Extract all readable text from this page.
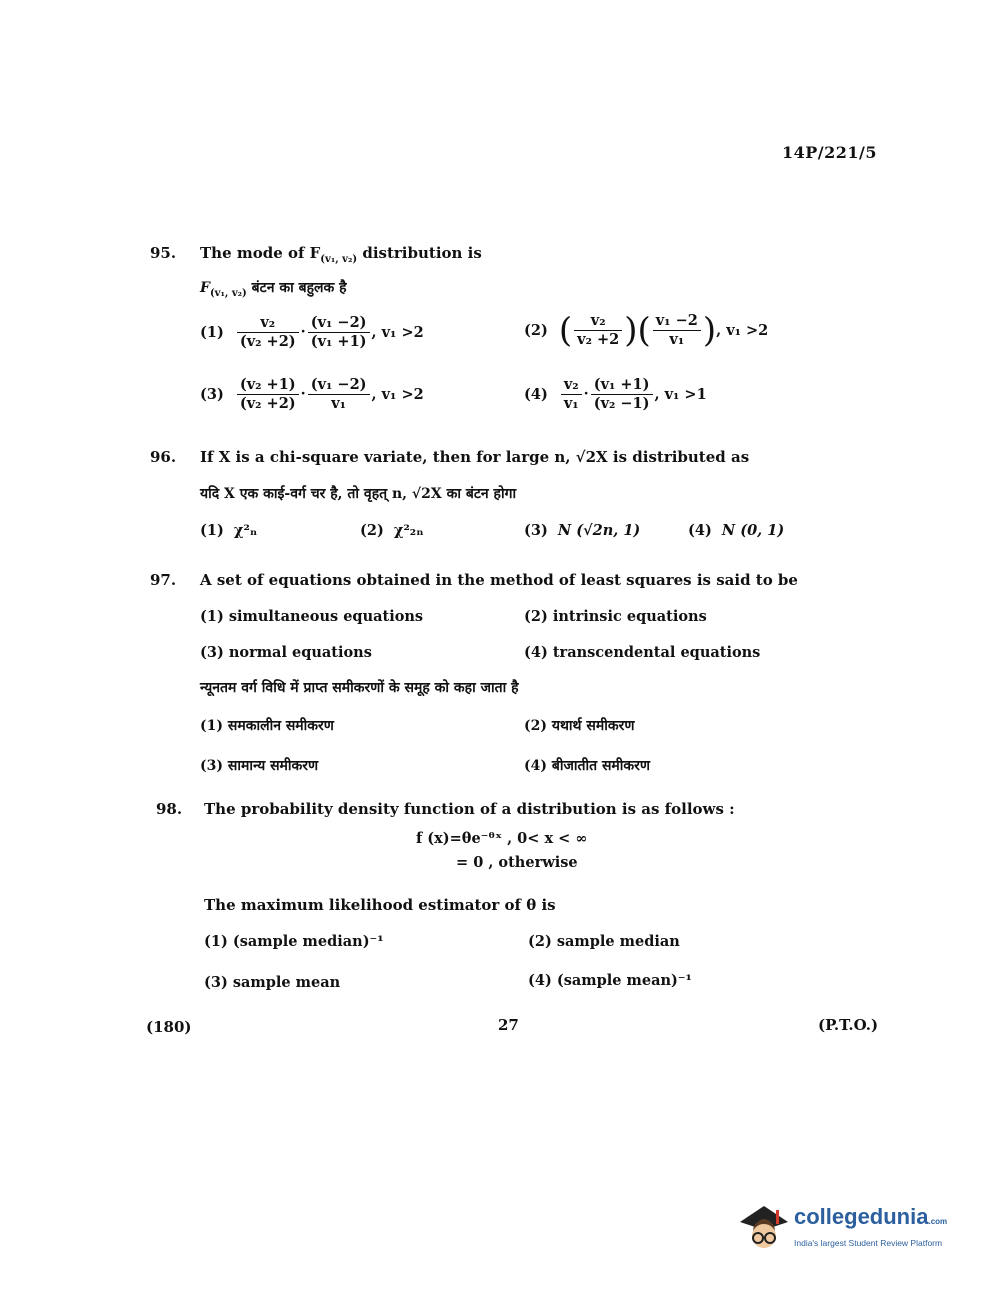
14P/221/5
95. The mode of $F_{(v_1, v_2)}$ distribution is
$F_{(v_1, v_2)}$ बंटन का बहुलक है
$(1) \frac{\text{v₂}}{\text{(v₂ +2)}} \cdot \frac{\text{(v₁ −2)}}{\text{(v₁ +1)}}$ , v₁ >2	(2) ( $\frac{\text{v₂}}{\text{v₂ +2}}$ )( $\frac{\text{v₁ −2}}{\text{v₁}}$ ), v₁ >2
$(3) \frac{\text{(v₂ +1)}}{\text{(v₂ +2)}} \cdot \frac{\text{(v₁ −2)}}{\text{v₁}}$ , v₁ >2	$(4) \frac{\text{v₂}}{\text{v₁}} \cdot \frac{\text{(v₁ +1)}}{\text{(v₂ −1)}}$ , v₁ >1
96. If X is a chi-square variate, then for large n, √2X is distributed as
यदि X एक काई-वर्ग चर है, तो वृहत् n, √2X का बंटन होगा
(1) χ²ₙ	(2) χ²₂ₙ	(3) N (√2n, 1)	(4) N (0, 1)
97. A set of equations obtained in the method of least squares is said to be
(1) simultaneous equations	(2) intrinsic equations
(3) normal equations	(4) transcendental equations
न्यूनतम वर्ग विधि में प्राप्त समीकरणों के समूह को कहा जाता है
(1) समकालीन समीकरण	(2) यथार्थ समीकरण
(3) सामान्य समीकरण	(4) बीजातीत समीकरण
98. The probability density function of a distribution is as follows :
f (x)=θe⁻ᶿˣ , 0< x < ∞
= 0 , otherwise
The maximum likelihood estimator of θ is
(1) (sample median)⁻¹	(2) sample median
(3) sample mean	(4) (sample mean)⁻¹
(180)	27	(P.T.O.)
collegedunia.com
India's largest Student Review Platform
